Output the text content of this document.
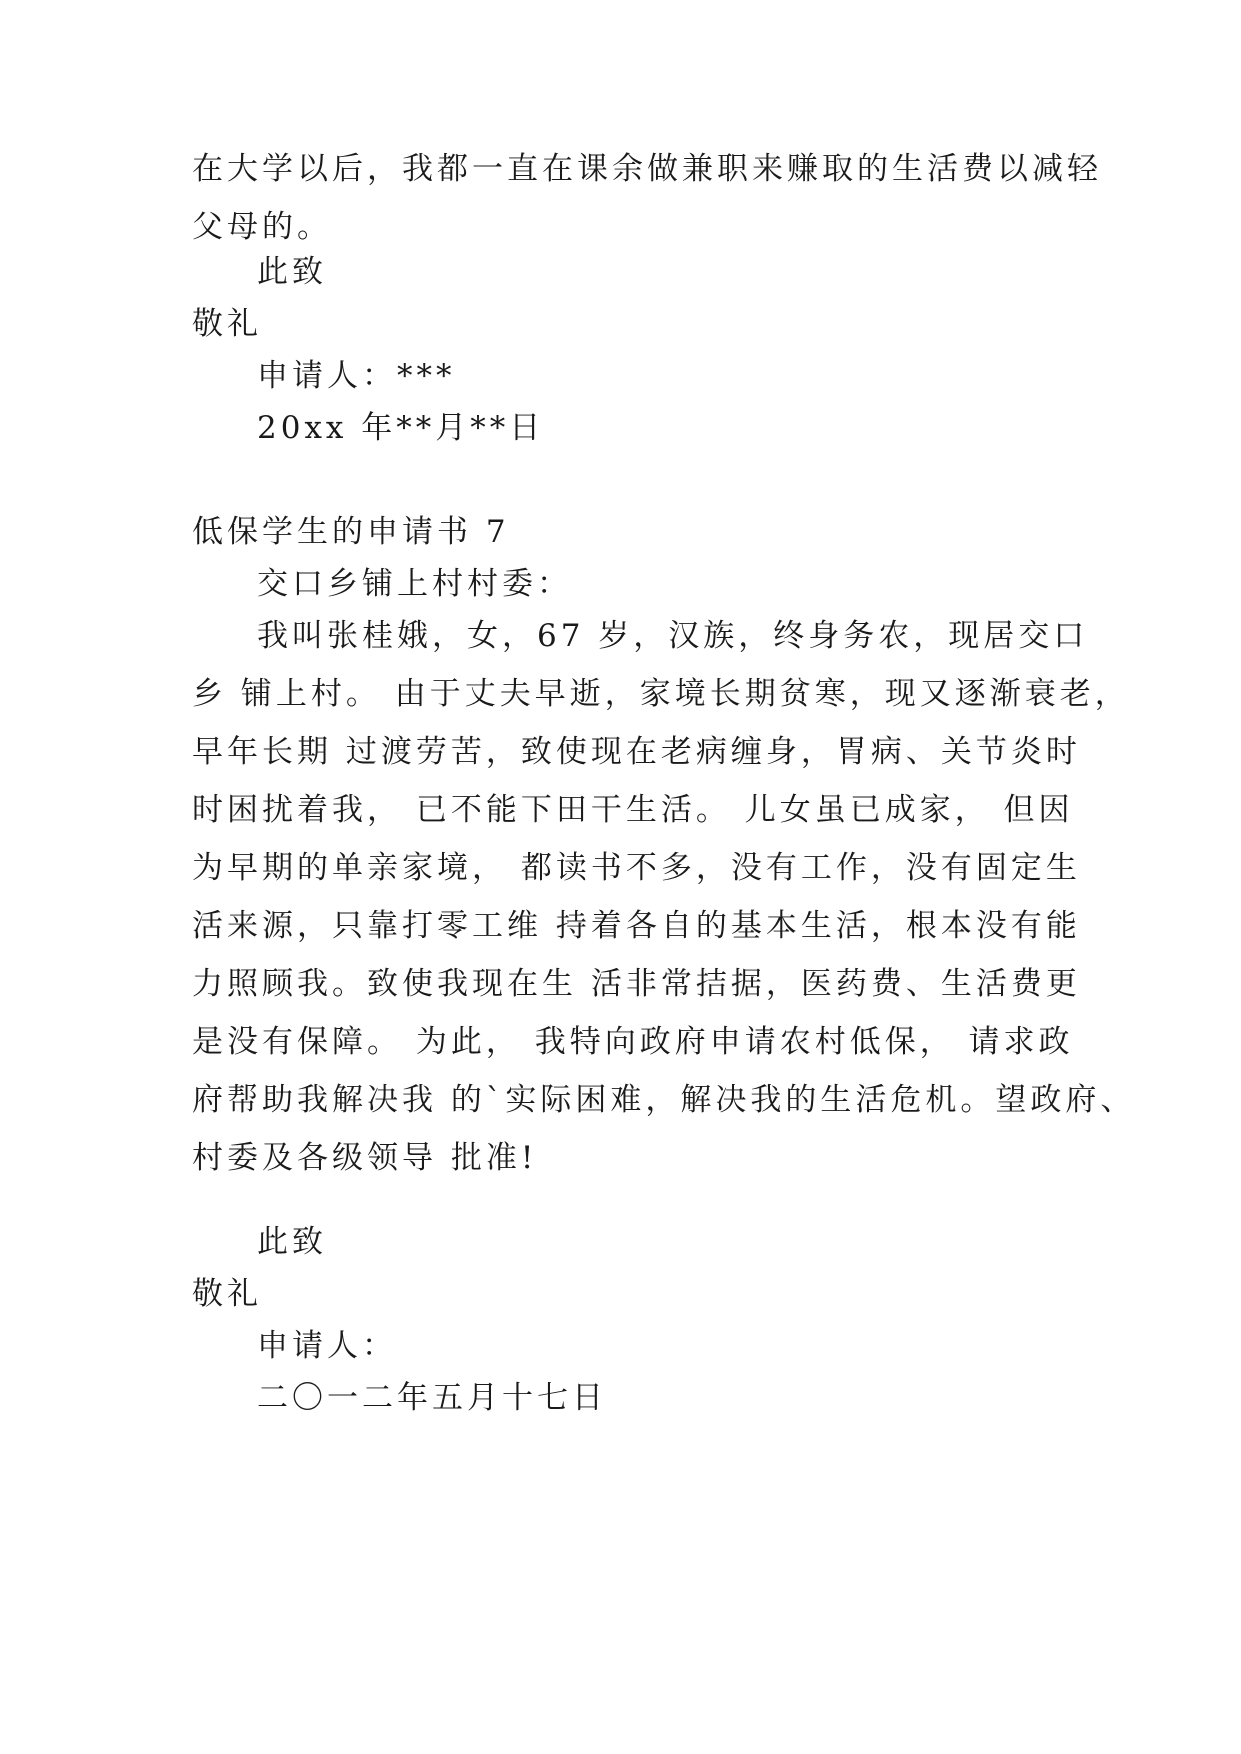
在大学以后，我都一直在课余做兼职来赚取的生活费以减轻
父母的。
此致
敬礼
申请人：***
20xx 年**月**日
低保学生的申请书 7
交口乡铺上村村委：
我叫张桂娥，女，67 岁，汉族，终身务农，现居交口
乡 铺上村。 由于丈夫早逝，家境长期贫寒，现又逐渐衰老，
早年长期 过渡劳苦，致使现在老病缠身，胃病、关节炎时
时困扰着我， 已不能下田干生活。 儿女虽已成家， 但因
为早期的单亲家境， 都读书不多，没有工作，没有固定生
活来源，只靠打零工维 持着各自的基本生活，根本没有能
力照顾我。致使我现在生 活非常拮据，医药费、生活费更
是没有保障。 为此， 我特向政府申请农村低保， 请求政
府帮助我解决我 的`实际困难，解决我的生活危机。望政府、
村委及各级领导 批准!
此致
敬礼
申请人：
二〇一二年五月十七日
